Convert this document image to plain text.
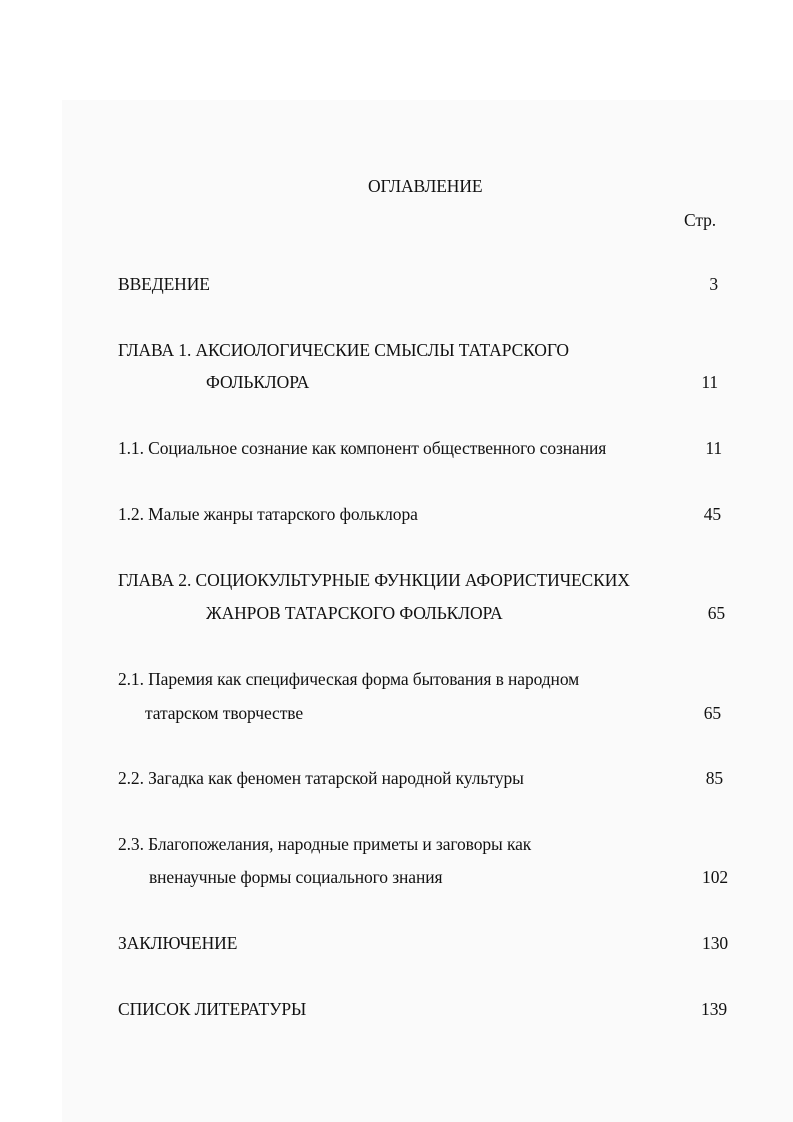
ОГЛАВЛЕНИЕ
Стр.
ВВЕДЕНИЕ	3
ГЛАВА 1. АКСИОЛОГИЧЕСКИЕ СМЫСЛЫ ТАТАРСКОГО
ФОЛЬКЛОРА	11
1.1. Социальное сознание как компонент общественного сознания	11
1.2. Малые жанры татарского фольклора	45
ГЛАВА 2. СОЦИОКУЛЬТУРНЫЕ ФУНКЦИИ АФОРИСТИЧЕСКИХ
ЖАНРОВ ТАТАРСКОГО ФОЛЬКЛОРА	65
2.1. Паремия как специфическая форма бытования в народном
татарском творчестве	65
2.2. Загадка как феномен татарской народной культуры	85
2.3. Благопожелания, народные приметы и заговоры как
вненаучные формы социального знания	102
ЗАКЛЮЧЕНИЕ	130
СПИСОК ЛИТЕРАТУРЫ	139
